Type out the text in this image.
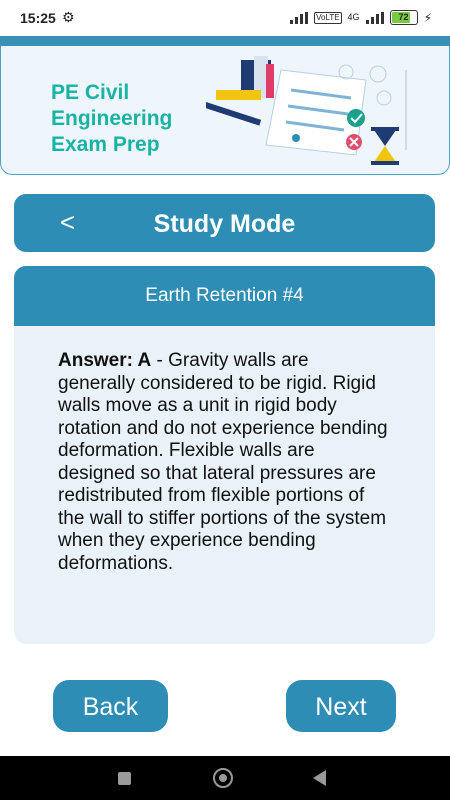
15:25 ⚙	VoLTE 4G	72	⚡
PE Civil Engineering Exam Prep
<	Study Mode
Earth Retention #4
Answer: A - Gravity walls are generally considered to be rigid. Rigid walls move as a unit in rigid body rotation and do not experience bending deformation. Flexible walls are designed so that lateral pressures are redistributed from flexible portions of the wall to stiffer portions of the system when they experience bending deformations.
Back	Next
